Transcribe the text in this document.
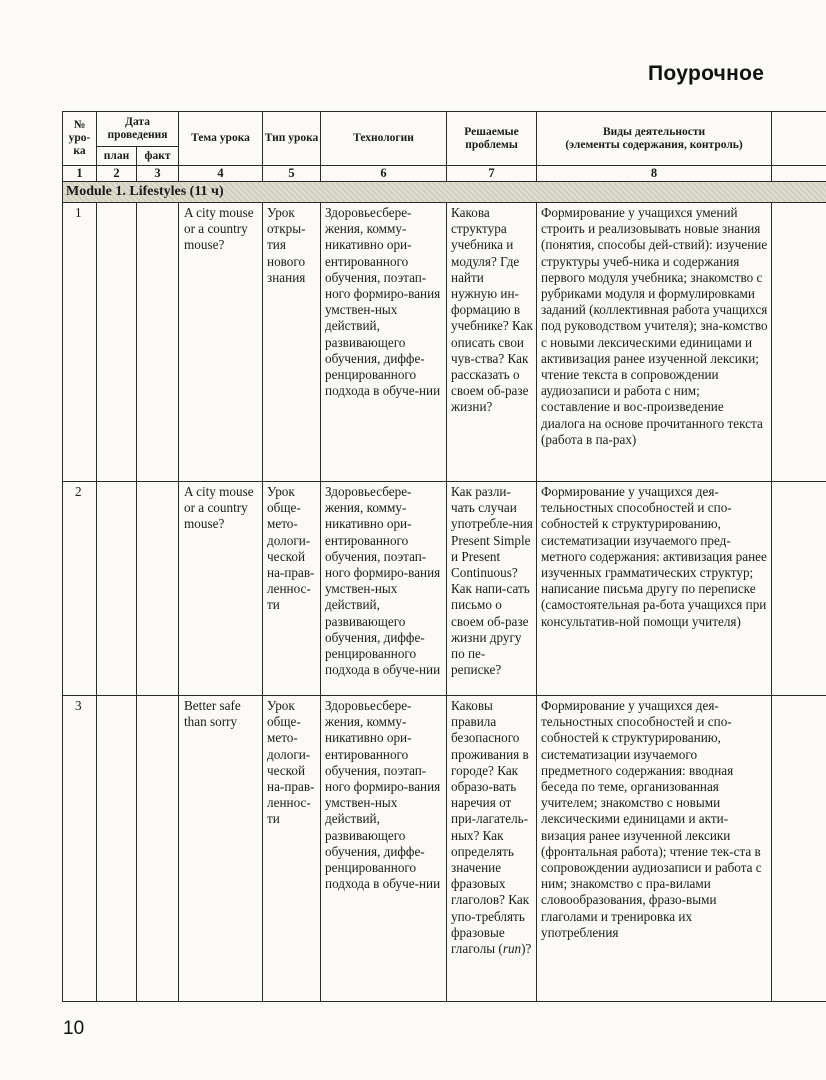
Поурочное
№ уро-ка	Дата проведения		Тема урока	Тип урока	Технологии	Решаемые проблемы	Виды деятельности
(элементы содержания, контроль)	

	план	факт						
1	2	3	4	5	6	7	8	
Module 1. Lifestyles (11 ч)								

1			A city mouse or a country mouse?	Урок откры-тия нового знания	Здоровьесбере-жения, комму-никативно ори-ентированного обучения, поэтап-ного формиро-вания умствен-ных действий, развивающего обучения, диффе-ренцированного подхода в обуче-нии	Какова структура учебника и модуля? Где найти нужную ин-формацию в учебнике? Как описать свои чув-ства? Как рассказать о своем об-разе жизни?	Формирование у учащихся умений строить и реализовывать новые знания (понятия, способы дей-ствий): изучение структуры учеб-ника и содержания первого модуля учебника; знакомство с рубриками модуля и формулировками заданий (коллективная работа учащихся под руководством учителя); зна-комство с новыми лексическими единицами и активизация ранее изученной лексики; чтение текста в сопровождении аудиозаписи и работа с ним; составление и вос-произведение диалога на основе прочитанного текста (работа в па-рах)	

2			A city mouse or a country mouse?	Урок обще-мето-дологи-ческой на-прав-леннос-ти	Здоровьесбере-жения, комму-никативно ори-ентированного обучения, поэтап-ного формиро-вания умствен-ных действий, развивающего обучения, диффе-ренцированного подхода в обуче-нии	Как разли-чать случаи употребле-ния Present Simple и Present Continuous? Как напи-сать письмо о своем об-разе жизни другу по пе-реписке?	Формирование у учащихся дея-тельностных способностей и спо-собностей к структурированию, систематизации изучаемого пред-метного содержания: активизация ранее изученных грамматических структур; написание письма другу по переписке (самостоятельная ра-бота учащихся при консультатив-ной помощи учителя)	

3			Better safe than sorry	Урок обще-мето-дологи-ческой на-прав-леннос-ти	Здоровьесбере-жения, комму-никативно ори-ентированного обучения, поэтап-ного формиро-вания умствен-ных действий, развивающего обучения, диффе-ренцированного подхода в обуче-нии	Каковы правила безопасного проживания в городе? Как образо-вать наречия от при-лагатель-ных? Как определять значение фразовых глаголов? Как упо-треблять фразовые глаголы (run)?	Формирование у учащихся дея-тельностных способностей и спо-собностей к структурированию, систематизации изучаемого предметного содержания: вводная беседа по теме, организованная учителем; знакомство с новыми лексическими единицами и акти-визация ранее изученной лексики (фронтальная работа); чтение тек-ста в сопровождении аудиозаписи и работа с ним; знакомство с пра-вилами словообразования, фразо-выми глаголами и тренировка их употребления	

10
